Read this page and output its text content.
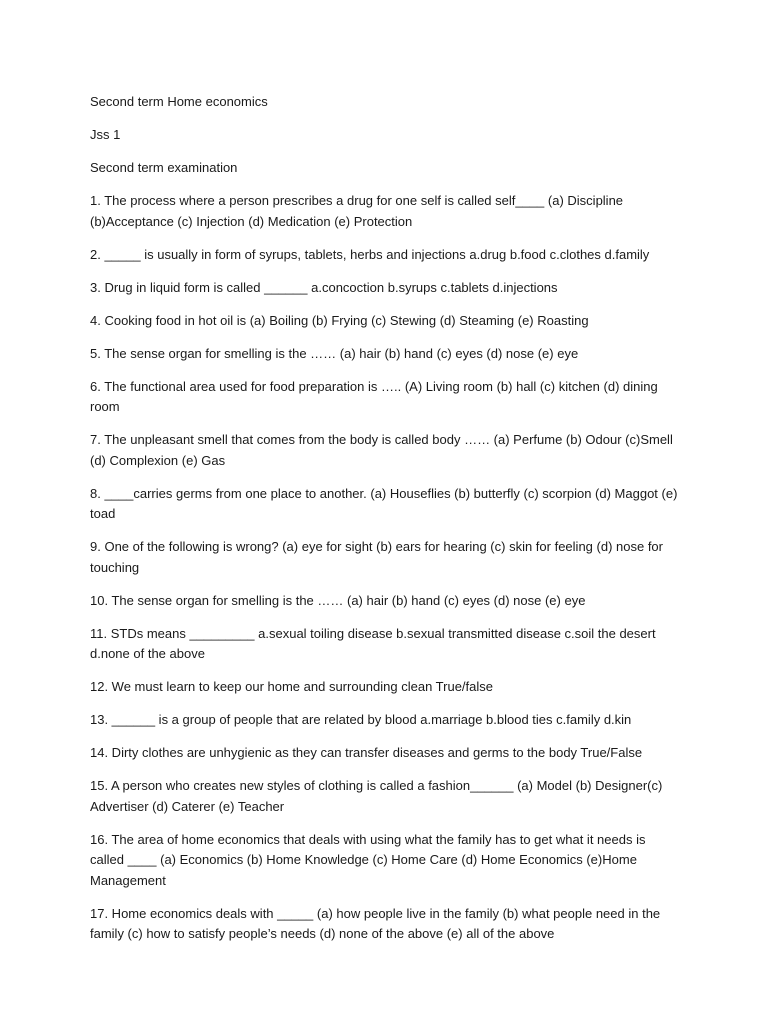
Second term Home economics

Jss 1

Second term examination

1. The process where a person prescribes a drug for one self is called self____ (a) Discipline (b)Acceptance (c) Injection (d) Medication (e) Protection

2. _____ is usually in form of syrups, tablets, herbs and injections a.drug b.food c.clothes d.family

3. Drug in liquid form is called ______ a.concoction b.syrups c.tablets d.injections

4. Cooking food in hot oil is (a) Boiling (b) Frying (c) Stewing (d) Steaming (e) Roasting

5. The sense organ for smelling is the …… (a) hair (b) hand (c) eyes (d) nose (e) eye

6. The functional area used for food preparation is ….. (A) Living room (b) hall (c) kitchen (d) dining room

7. The unpleasant smell that comes from the body is called body …… (a) Perfume (b) Odour (c)Smell (d) Complexion (e) Gas

8. ____carries germs from one place to another. (a) Houseflies (b) butterfly (c) scorpion (d) Maggot (e) toad

9. One of the following is wrong? (a) eye for sight (b) ears for hearing (c) skin for feeling (d) nose for touching

10. The sense organ for smelling is the …… (a) hair (b) hand (c) eyes (d) nose (e) eye

11. STDs means _________ a.sexual toiling disease b.sexual transmitted disease c.soil the desert d.none of the above

12. We must learn to keep our home and surrounding clean True/false

13. ______ is a group of people that are related by blood a.marriage b.blood ties c.family d.kin

14. Dirty clothes are unhygienic as they can transfer diseases and germs to the body True/False

15. A person who creates new styles of clothing is called a fashion______ (a) Model (b) Designer(c) Advertiser (d) Caterer (e) Teacher

16. The area of home economics that deals with using what the family has to get what it needs is called ____ (a) Economics (b) Home Knowledge (c) Home Care (d) Home Economics (e)Home Management

17. Home economics deals with _____ (a) how people live in the family (b) what people need in the family (c) how to satisfy people’s needs (d) none of the above (e) all of the above
